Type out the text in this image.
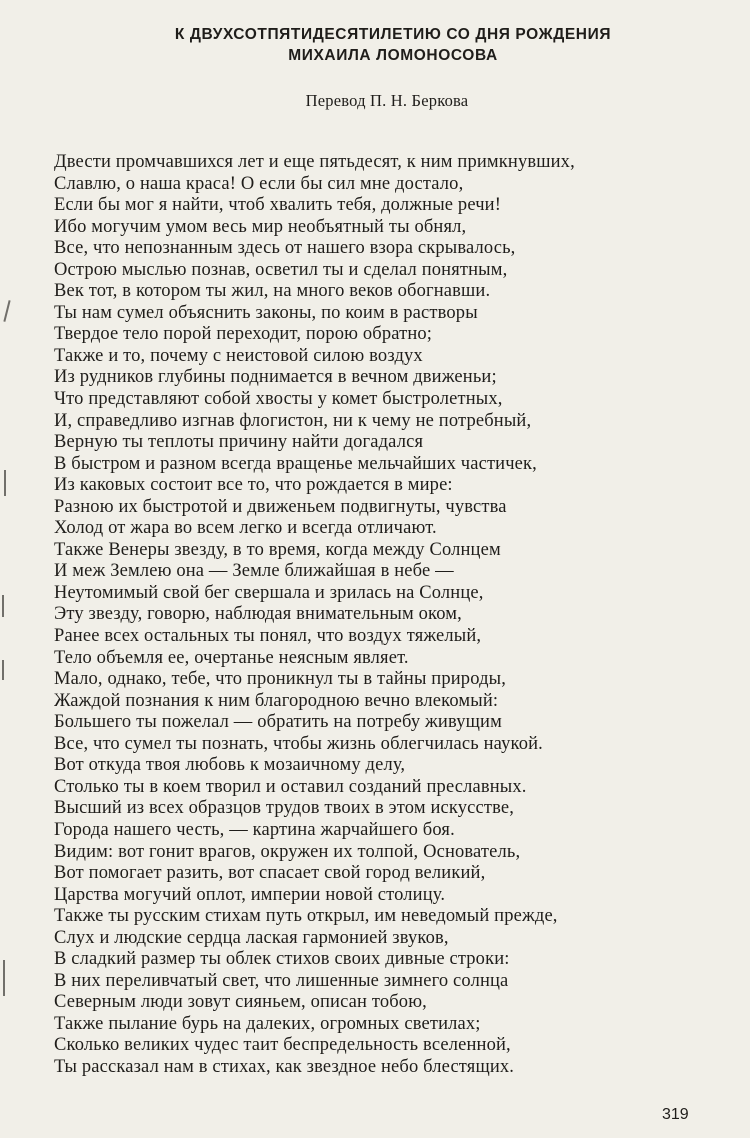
К ДВУХСОТПЯТИДЕСЯТИЛЕТИЮ СО ДНЯ РОЖДЕНИЯ
МИХАИЛА ЛОМОНОСОВА
Перевод П. Н. Беркова
Двести промчавшихся лет и еще пятьдесят, к ним примкнувших,
Славлю, о наша краса! О если бы сил мне достало,
Если бы мог я найти, чтоб хвалить тебя, должные речи!
Ибо могучим умом весь мир необъятный ты обнял,
Все, что непознанным здесь от нашего взора скрывалось,
Острою мыслью познав, осветил ты и сделал понятным,
Век тот, в котором ты жил, на много веков обогнавши.
Ты нам сумел объяснить законы, по коим в растворы
Твердое тело порой переходит, порою обратно;
Также и то, почему с неистовой силою воздух
Из рудников глубины поднимается в вечном движеньи;
Что представляют собой хвосты у комет быстролетных,
И, справедливо изгнав флогистон, ни к чему не потребный,
Верную ты теплоты причину найти догадался
В быстром и разном всегда вращенье мельчайших частичек,
Из каковых состоит все то, что рождается в мире:
Разною их быстротой и движеньем подвигнуты, чувства
Холод от жара во всем легко и всегда отличают.
Также Венеры звезду, в то время, когда между Солнцем
И меж Землею она — Земле ближайшая в небе —
Неутомимый свой бег свершала и зрилась на Солнце,
Эту звезду, говорю, наблюдая внимательным оком,
Ранее всех остальных ты понял, что воздух тяжелый,
Тело объемля ее, очертанье неясным являет.
Мало, однако, тебе, что проникнул ты в тайны природы,
Жаждой познания к ним благородною вечно влекомый:
Большего ты пожелал — обратить на потребу живущим
Все, что сумел ты познать, чтобы жизнь облегчилась наукой.
Вот откуда твоя любовь к мозаичному делу,
Столько ты в коем творил и оставил созданий преславных.
Высший из всех образцов трудов твоих в этом искусстве,
Города нашего честь, — картина жарчайшего боя.
Видим: вот гонит врагов, окружен их толпой, Основатель,
Вот помогает разить, вот спасает свой город великий,
Царства могучий оплот, империи новой столицу.
Также ты русским стихам путь открыл, им неведомый прежде,
Слух и людские сердца лаская гармонией звуков,
В сладкий размер ты облек стихов своих дивные строки:
В них переливчатый свет, что лишенные зимнего солнца
Северным люди зовут сияньем, описан тобою,
Также пылание бурь на далеких, огромных светилах;
Сколько великих чудес таит беспредельность вселенной,
Ты рассказал нам в стихах, как звездное небо блестящих.
319
